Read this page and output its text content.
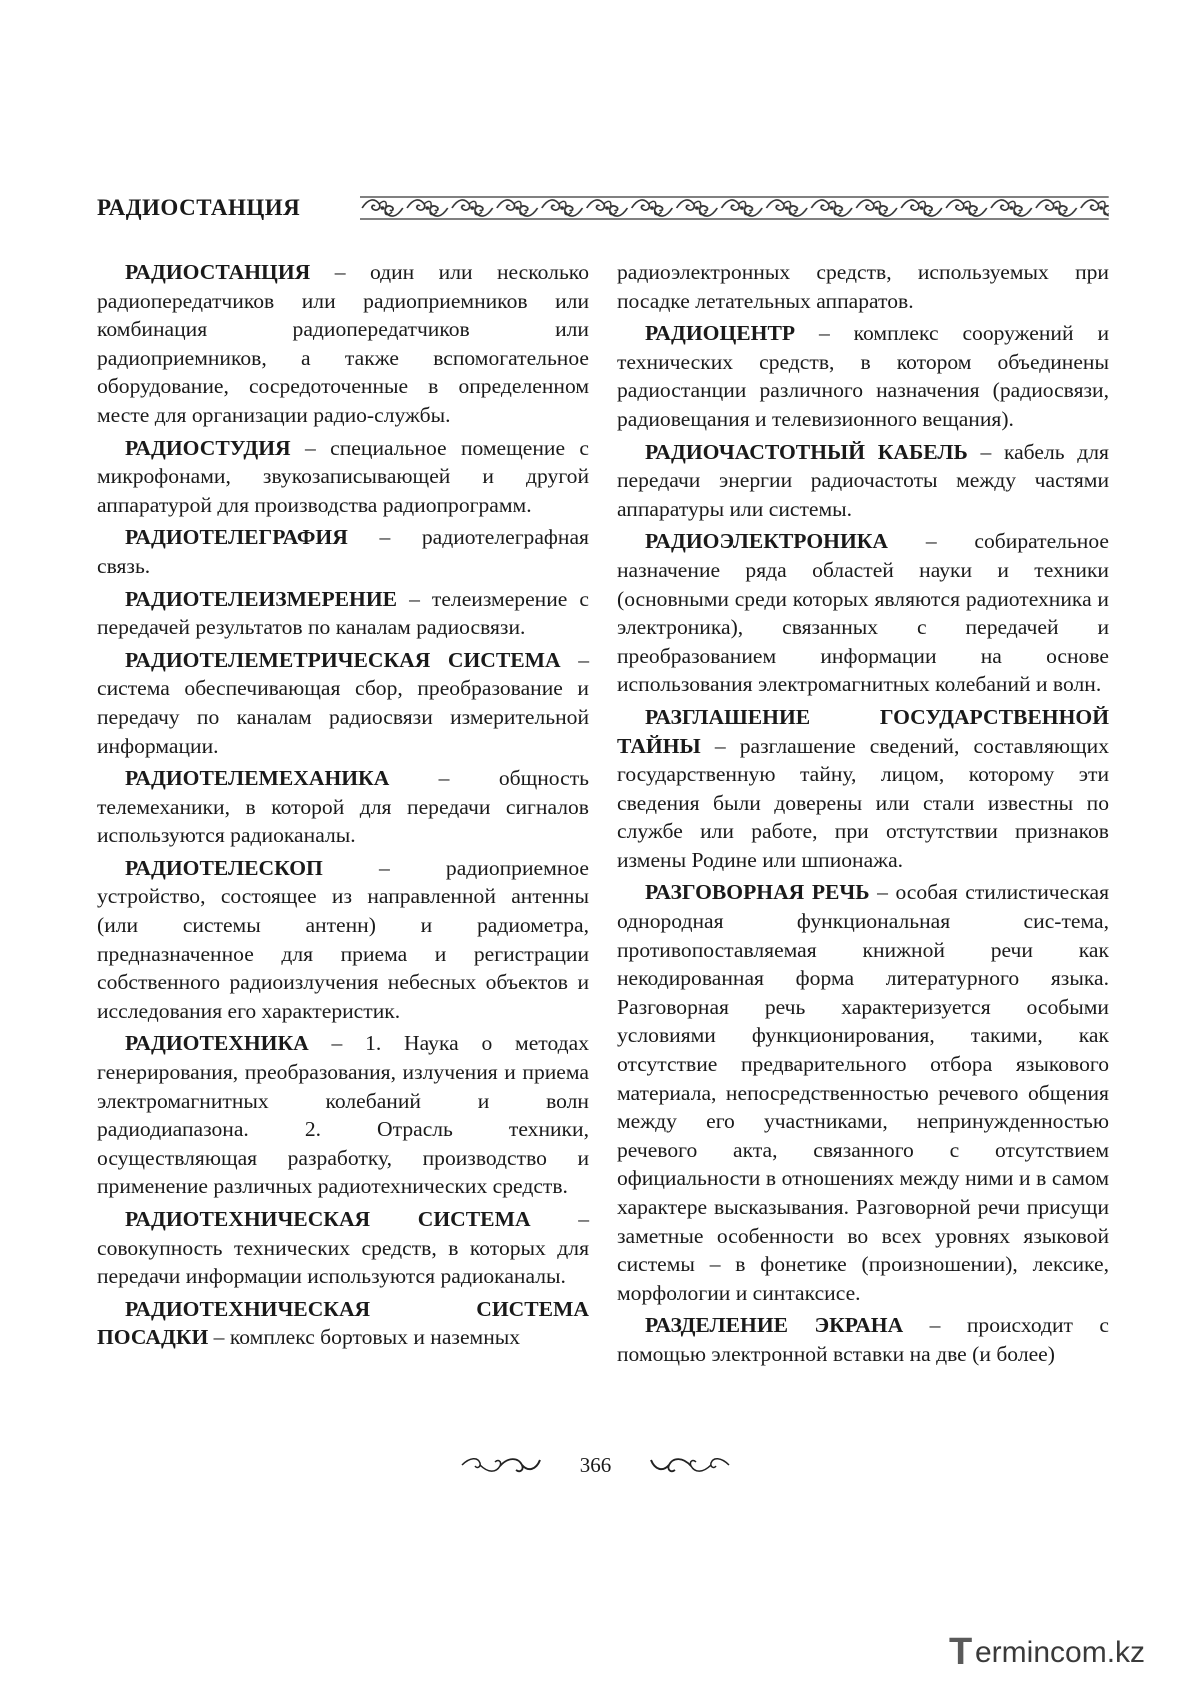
РАДИОСТАНЦИЯ

РАДИОСТАНЦИЯ – один или несколько радиопередатчиков или радиоприемников или комбинация радиопередатчиков или радиоприемников, а также вспомогательное оборудование, сосредоточенные в определенном месте для организации радио-службы.

РАДИОСТУДИЯ – специальное помещение с микрофонами, звукозаписывающей и другой аппаратурой для производства радиопрограмм.

РАДИОТЕЛЕГРАФИЯ – радиотелеграфная связь.

РАДИОТЕЛЕИЗМЕРЕНИЕ – телеизмерение с передачей результатов по каналам радиосвязи.

РАДИОТЕЛЕМЕТРИЧЕСКАЯ СИСТЕМА – система обеспечивающая сбор, преобразование и передачу по каналам радиосвязи измерительной информации.

РАДИОТЕЛЕМЕХАНИКА – общность телемеханики, в которой для передачи сигналов используются радиоканалы.

РАДИОТЕЛЕСКОП – радиоприемное устройство, состоящее из направленной антенны (или системы антенн) и радиометра, предназначенное для приема и регистрации собственного радиоизлучения небесных объектов и исследования его характеристик.

РАДИОТЕХНИКА – 1. Наука о методах генерирования, преобразования, излучения и приема электромагнитных колебаний и волн радиодиапазона. 2. Отрасль техники, осуществляющая разработку, производство и применение различных радиотехнических средств.

РАДИОТЕХНИЧЕСКАЯ СИСТЕМА – совокупность технических средств, в которых для передачи информации используются радиоканалы.

РАДИОТЕХНИЧЕСКАЯ СИСТЕМА ПОСАДКИ – комплекс бортовых и наземных

радиоэлектронных средств, используемых при посадке летательных аппаратов.

РАДИОЦЕНТР – комплекс сооружений и технических средств, в котором объединены радиостанции различного назначения (радиосвязи, радиовещания и телевизионного вещания).

РАДИОЧАСТОТНЫЙ КАБЕЛЬ – кабель для передачи энергии радиочастоты между частями аппаратуры или системы.

РАДИОЭЛЕКТРОНИКА – собирательное назначение ряда областей науки и техники (основными среди которых являются радиотехника и электроника), связанных с передачей и преобразованием информации на основе использования электромагнитных колебаний и волн.

РАЗГЛАШЕНИЕ ГОСУДАРСТВЕННОЙ ТАЙНЫ – разглашение сведений, составляющих государственную тайну, лицом, которому эти сведения были доверены или стали известны по службе или работе, при отстутствии признаков измены Родине или шпионажа.

РАЗГОВОРНАЯ РЕЧЬ – особая стилистическая однородная функциональная сис-тема, противопоставляемая книжной речи как некодированная форма литературного языка. Разговорная речь характеризуется особыми условиями функционирования, такими, как отсутствие предварительного отбора языкового материала, непосредственностью речевого общения между его участниками, непринужденностью речевого акта, связанного с отсутствием официальности в отношениях между ними и в самом характере высказывания. Разговорной речи присущи заметные особенности во всех уровнях языковой системы – в фонетике (произношении), лексике, морфологии и синтаксисе.

РАЗДЕЛЕНИЕ ЭКРАНА – происходит с помощью электронной вставки на две (и более)

366
T ermincom.kz
